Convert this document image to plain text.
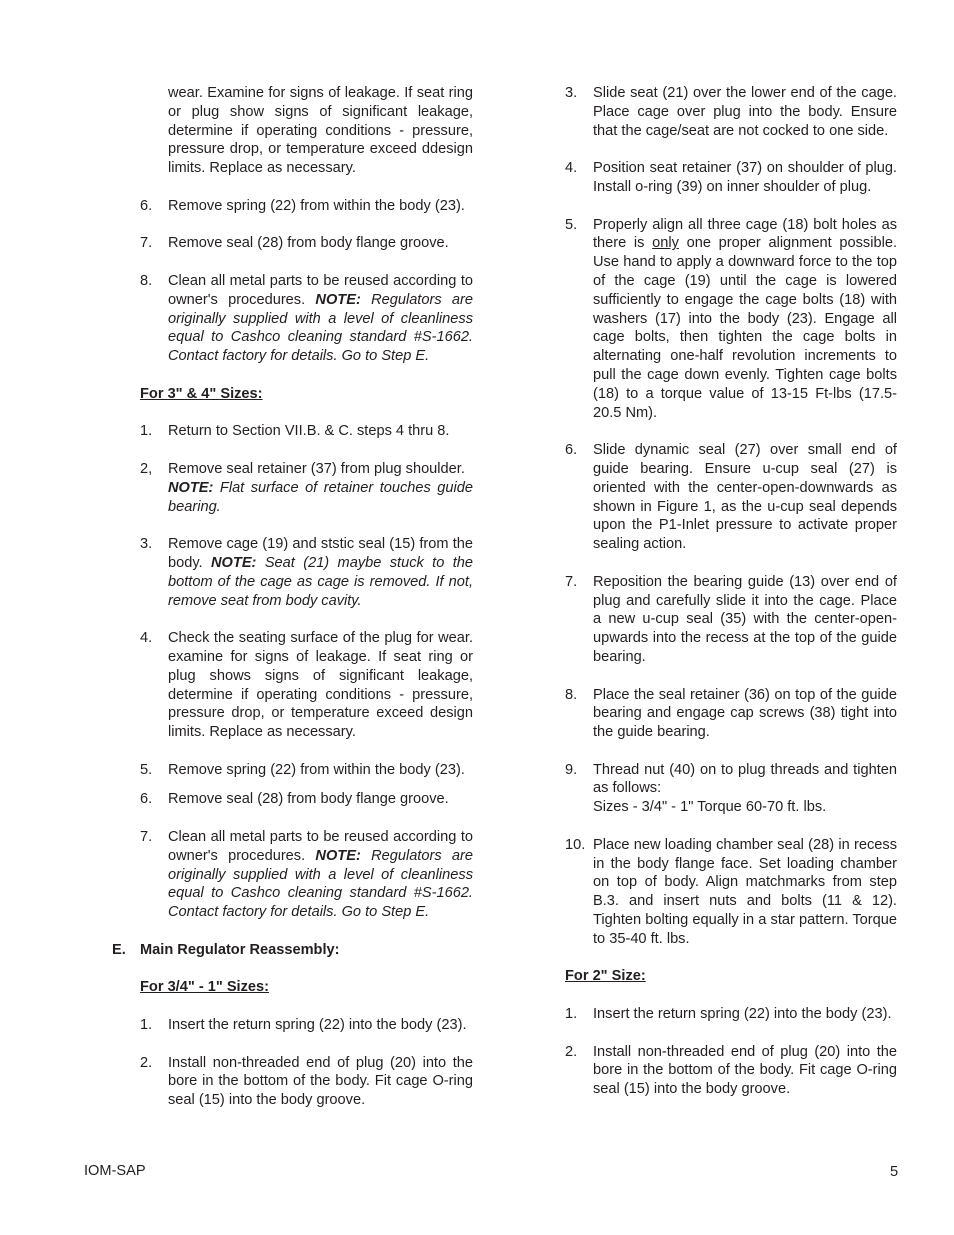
wear. Examine for signs of leakage. If seat ring or plug show signs of significant leakage, determine if operating conditions - pressure, pressure drop, or temperature exceed ddesign limits. Replace as necessary.

6.	Remove spring (22) from within the body (23).
7.	Remove seal (28) from body flange groove.
8.	Clean all metal parts to be reused according to owner's procedures. NOTE: Regulators are originally supplied with a level of cleanliness equal to Cashco cleaning standard #S-1662. Contact factory for details. Go to Step E.
For 3" & 4" Sizes:
1.	Return to Section VII.B. & C. steps 4 thru 8.
2,	Remove seal retainer (37) from plug shoulder.
NOTE: Flat surface of retainer touches guide bearing.
3.	Remove cage (19) and ststic seal (15) from the body. NOTE: Seat (21) maybe stuck to the bottom of the cage as cage is removed. If not, remove seat from body cavity.
4.	Check the seating surface of the plug for wear. examine for signs of leakage. If seat ring or plug shows signs of significant leakage, determine if operating conditions - pressure, pressure drop, or temperature exceed design limits. Replace as necessary.
5.	Remove spring (22) from within the body (23).
6.	Remove seal (28) from body flange groove.
7.	Clean all metal parts to be reused according to owner's procedures. NOTE: Regulators are originally supplied with a level of cleanliness equal to Cashco cleaning standard #S-1662. Contact factory for details. Go to Step E.
E. Main Regulator Reassembly:
For 3/4" - 1" Sizes:
1.	Insert the return spring (22) into the body (23).
2.	Install non-threaded end of plug (20) into the bore in the bottom of the body. Fit cage O-ring seal (15) into the body groove.
3.	Slide seat (21) over the lower end of the cage. Place cage over plug into the body. Ensure that the cage/seat are not cocked to one side.
4.	Position seat retainer (37) on shoulder of plug. Install o-ring (39) on inner shoulder of plug.
5.	Properly align all three cage (18) bolt holes as there is only one proper alignment possible. Use hand to apply a downward force to the top of the cage (19) until the cage is lowered sufficiently to engage the cage bolts (18) with washers (17) into the body (23). Engage all cage bolts, then tighten the cage bolts in alternating one-half revolution increments to pull the cage down evenly. Tighten cage bolts (18) to a torque value of 13-15 Ft-lbs (17.5-20.5 Nm).
6.	Slide dynamic seal (27) over small end of guide bearing. Ensure u-cup seal (27) is oriented with the center-open-downwards as shown in Figure 1, as the u-cup seal depends upon the P1-Inlet pressure to activate proper sealing action.
7.	Reposition the bearing guide (13) over end of plug and carefully slide it into the cage. Place a new u-cup seal (35) with the center-open-upwards into the recess at the top of the guide bearing.
8.	Place the seal retainer (36) on top of the guide bearing and engage cap screws (38) tight into the guide bearing.
9.	Thread nut (40) on to plug threads and tighten as follows:
Sizes - 3/4" - 1" Torque 60-70 ft. lbs.
10. Place new loading chamber seal (28) in recess in the body flange face. Set loading chamber on top of body. Align matchmarks from step B.3. and insert nuts and bolts (11 & 12). Tighten bolting equally in a star pattern. Torque to 35-40 ft. lbs.
For 2" Size:
1.	Insert the return spring (22) into the body (23).
2.	Install non-threaded end of plug (20) into the bore in the bottom of the body. Fit cage O-ring seal (15) into the body groove.
IOM-SAP	5
